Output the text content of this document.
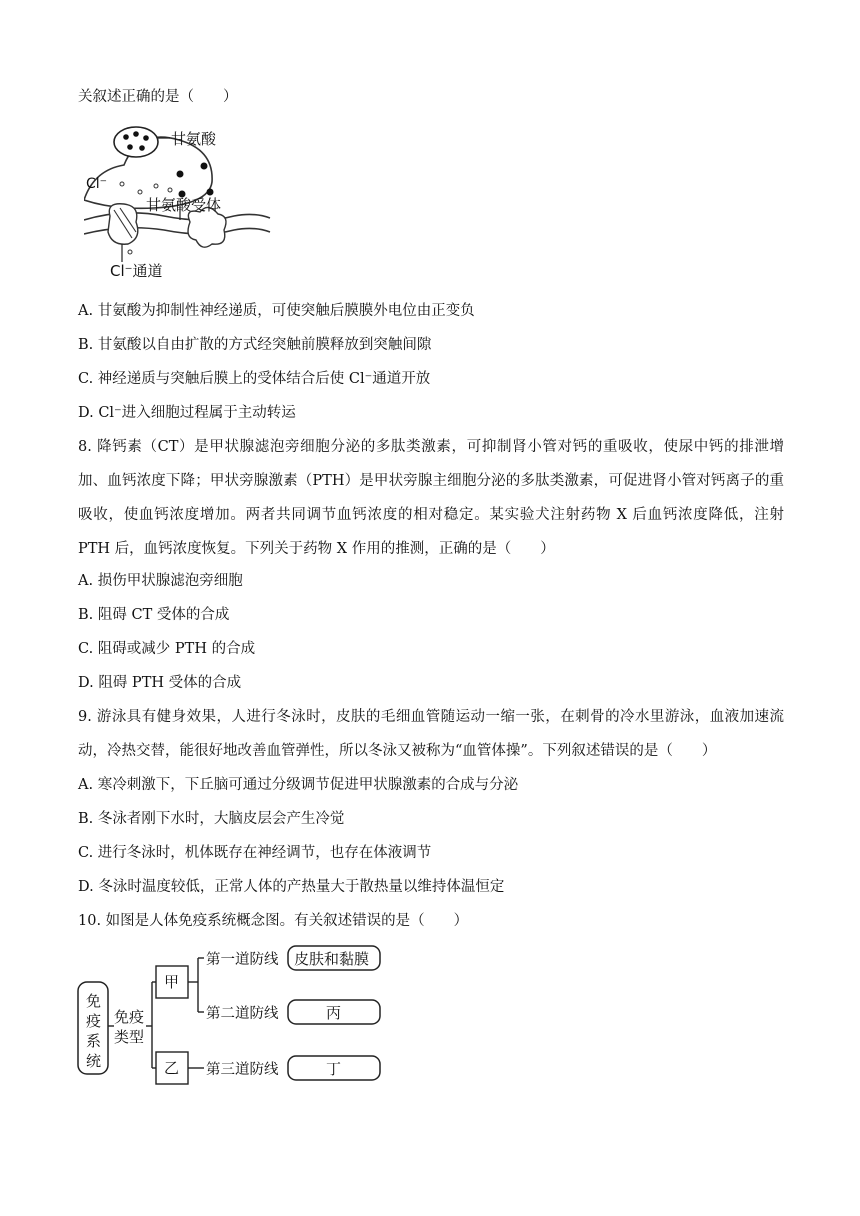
关叙述正确的是（　　）
甘氨酸
Cl⁻
甘氨酸受体
Cl⁻通道
A. 甘氨酸为抑制性神经递质，可使突触后膜膜外电位由正变负
B. 甘氨酸以自由扩散的方式经突触前膜释放到突触间隙
C. 神经递质与突触后膜上的受体结合后使 Cl⁻通道开放
D. Cl⁻进入细胞过程属于主动转运
8. 降钙素（CT）是甲状腺滤泡旁细胞分泌的多肽类激素，可抑制肾小管对钙的重吸收，使尿中钙的排泄增加、血钙浓度下降；甲状旁腺激素（PTH）是甲状旁腺主细胞分泌的多肽类激素，可促进肾小管对钙离子的重吸收，使血钙浓度增加。两者共同调节血钙浓度的相对稳定。某实验犬注射药物 X 后血钙浓度降低，注射 PTH 后，血钙浓度恢复。下列关于药物 X 作用的推测，正确的是（　　）
A. 损伤甲状腺滤泡旁细胞
B. 阻碍 CT 受体的合成
C. 阻碍或减少 PTH 的合成
D. 阻碍 PTH 受体的合成
9. 游泳具有健身效果，人进行冬泳时，皮肤的毛细血管随运动一缩一张，在刺骨的冷水里游泳，血液加速流动，冷热交替，能很好地改善血管弹性，所以冬泳又被称为“血管体操”。下列叙述错误的是（　　）
A. 寒冷刺激下，下丘脑可通过分级调节促进甲状腺激素的合成与分泌
B. 冬泳者刚下水时，大脑皮层会产生冷觉
C. 进行冬泳时，机体既存在神经调节，也存在体液调节
D. 冬泳时温度较低，正常人体的产热量大于散热量以维持体温恒定
10. 如图是人体免疫系统概念图。有关叙述错误的是（　　）
免
疫
系
统
免疫
类型
甲
乙
第一道防线
第二道防线
第三道防线
皮肤和黏膜
丙
丁
